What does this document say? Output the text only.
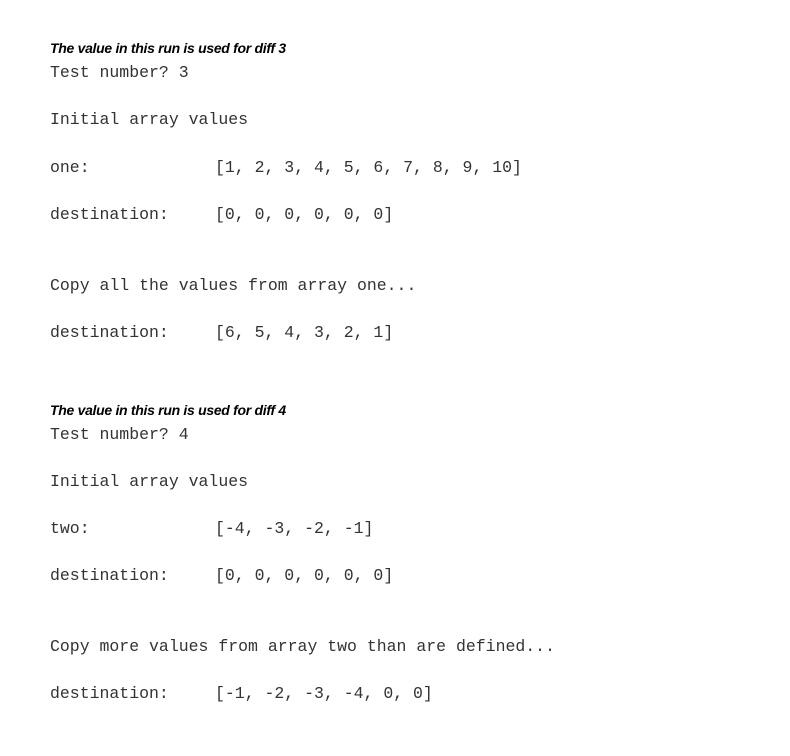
The value in this run is used for diff 3
Test number? 3
Initial array values
one:	[1, 2, 3, 4, 5, 6, 7, 8, 9, 10]
destination:	[0, 0, 0, 0, 0, 0]
Copy all the values from array one...
destination:	[6, 5, 4, 3, 2, 1]
The value in this run is used for diff 4
Test number? 4
Initial array values
two:	[-4, -3, -2, -1]
destination:	[0, 0, 0, 0, 0, 0]
Copy more values from array two than are defined...
destination:	[-1, -2, -3, -4, 0, 0]
